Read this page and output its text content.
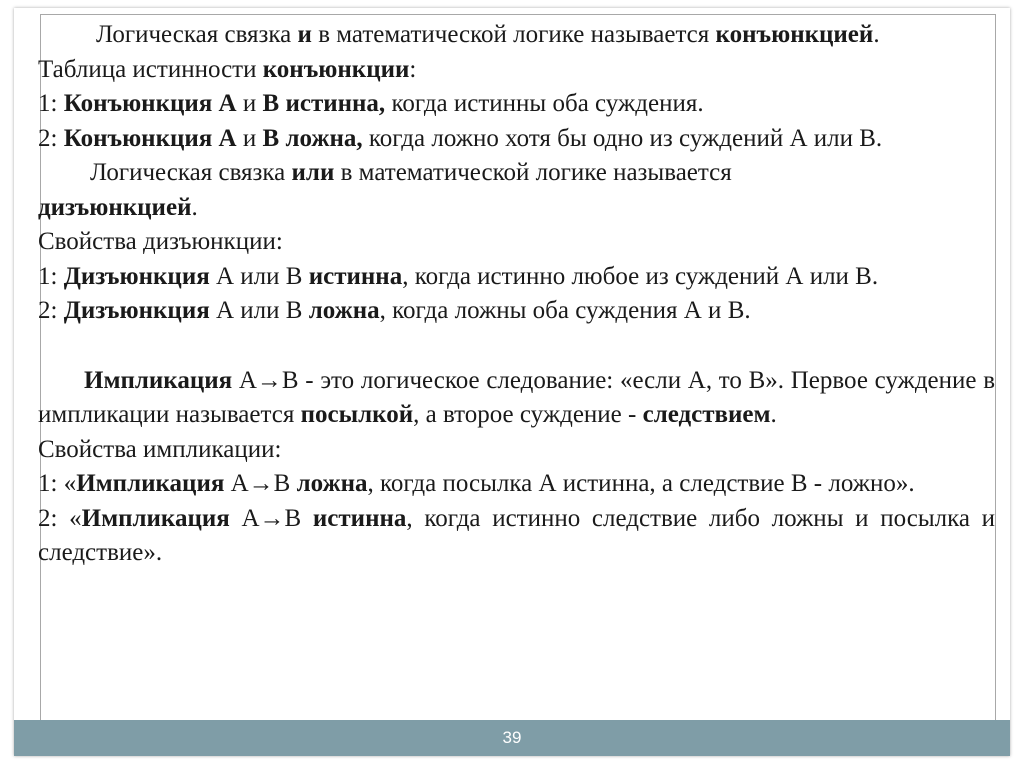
Логическая связка и в математической логике называется конъюнкцией.

Таблица истинности конъюнкции:

1: Конъюнкция А и В истинна, когда истинны оба суждения.

2: Конъюнкция А и В ложна, когда ложно хотя бы одно из суждений А или В.

Логическая связка или в математической логике называется дизъюнкцией.

Свойства дизъюнкции:

1: Дизъюнкция А или В истинна, когда истинно любое из суждений А или В.

2: Дизъюнкция А или В ложна, когда ложны оба суждения А и В.

Импликация А→В - это логическое следование: «если А, то В». Первое суждение в импликации называется посылкой, а второе суждение - следствием.

Свойства импликации:

1: «Импликация А→В ложна, когда посылка А истинна, а следствие В - ложно».

2: «Импликация А→В истинна, когда истинно следствие либо ложны и посылка и следствие».

39
